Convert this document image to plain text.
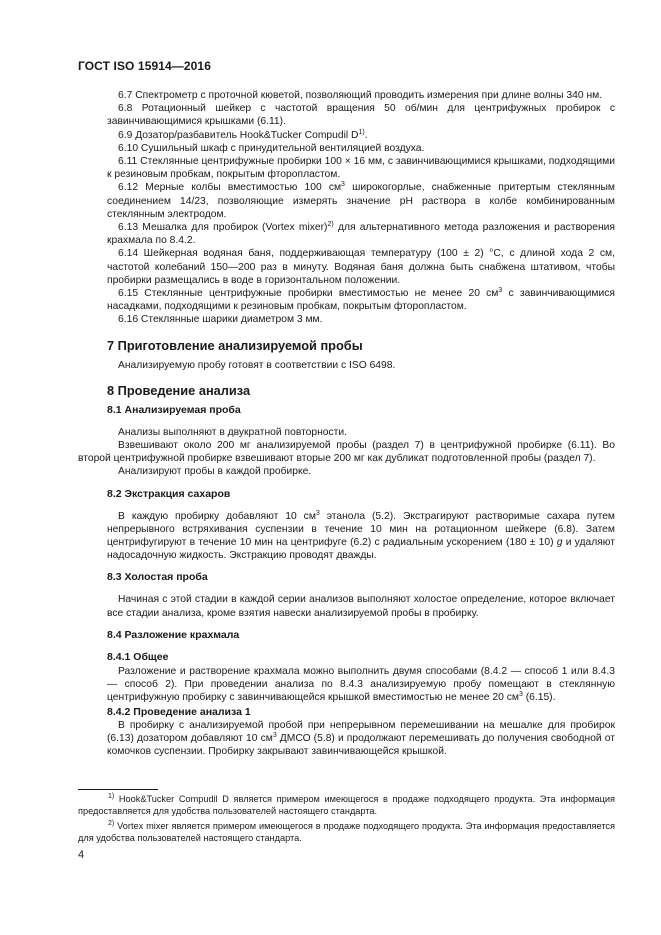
ГОСТ ISO 15914—2016

6.7 Спектрометр с проточной кюветой, позволяющий проводить измерения при длине волны 340 нм.

6.8 Ротационный шейкер с частотой вращения 50 об/мин для центрифужных пробирок с завинчивающимися крышками (6.11).

6.9 Дозатор/разбавитель Hook&Tucker Compudil $D^{1)}$.

6.10 Сушильный шкаф с принудительной вентиляцией воздуха.

6.11 Стеклянные центрифужные пробирки 100 × 16 мм, с завинчивающимися крышками, подходящими к резиновым пробкам, покрытым фторопластом.

6.12 Мерные колбы вместимостью 100 $см^3$ широкогорлые, снабженные притертым стеклянным соединением 14/23, позволяющие измерять значение рН раствора в колбе комбинированным стеклянным электродом.

6.13 Мешалка для пробирок (Vortex mixer)$^{2)}$ для альтернативного метода разложения и растворения крахмала по 8.4.2.

6.14 Шейкерная водяная баня, поддерживающая температуру (100 ± 2) °С, с длиной хода 2 см, частотой колебаний 150—200 раз в минуту. Водяная баня должна быть снабжена штативом, чтобы пробирки размещались в воде в горизонтальном положении.

6.15 Стеклянные центрифужные пробирки вместимостью не менее 20 $см^3$ с завинчивающимися насадками, подходящими к резиновым пробкам, покрытым фторопластом.

6.16 Стеклянные шарики диаметром 3 мм.

7 Приготовление анализируемой пробы

Анализируемую пробу готовят в соответствии с ISO 6498.

8 Проведение анализа
8.1 Анализируемая проба

Анализы выполняют в двукратной повторности.

Взвешивают около 200 мг анализируемой пробы (раздел 7) в центрифужной пробирке (6.11). Во второй центрифужной пробирке взвешивают вторые 200 мг как дубликат подготовленной пробы (раздел 7).

Анализируют пробы в каждой пробирке.

8.2 Экстракция сахаров

В каждую пробирку добавляют 10 $см^3$ этанола (5.2). Экстрагируют растворимые сахара путем непрерывного встряхивания суспензии в течение 10 мин на ротационном шейкере (6.8). Затем центрифугируют в течение 10 мин на центрифуге (6.2) с радиальным ускорением (180 ± 10) g и удаляют надосадочную жидкость. Экстракцию проводят дважды.

8.3 Холостая проба

Начиная с этой стадии в каждой серии анализов выполняют холостое определение, которое включает все стадии анализа, кроме взятия навески анализируемой пробы в пробирку.

8.4 Разложение крахмала
8.4.1 Общее

Разложение и растворение крахмала можно выполнить двумя способами (8.4.2 — способ 1 или 8.4.3 — способ 2). При проведении анализа по 8.4.3 анализируемую пробу помещают в стеклянную центрифужную пробирку с завинчивающейся крышкой вместимостью не менее 20 $см^3$ (6.15).

8.4.2 Проведение анализа 1

В пробирку с анализируемой пробой при непрерывном перемешивании на мешалке для пробирок (6.13) дозатором добавляют 10 $см^3$ ДМСО (5.8) и продолжают перемешивать до получения свободной от комочков суспензии. Пробирку закрывают завинчивающейся крышкой.

$^{1)}$ Hook&Tucker Compudil D является примером имеющегося в продаже подходящего продукта. Эта информация предоставляется для удобства пользователей настоящего стандарта.

$^{2)}$ Vortex mixer является примером имеющегося в продаже подходящего продукта. Эта информация предоставляется для удобства пользователей настоящего стандарта.

4
